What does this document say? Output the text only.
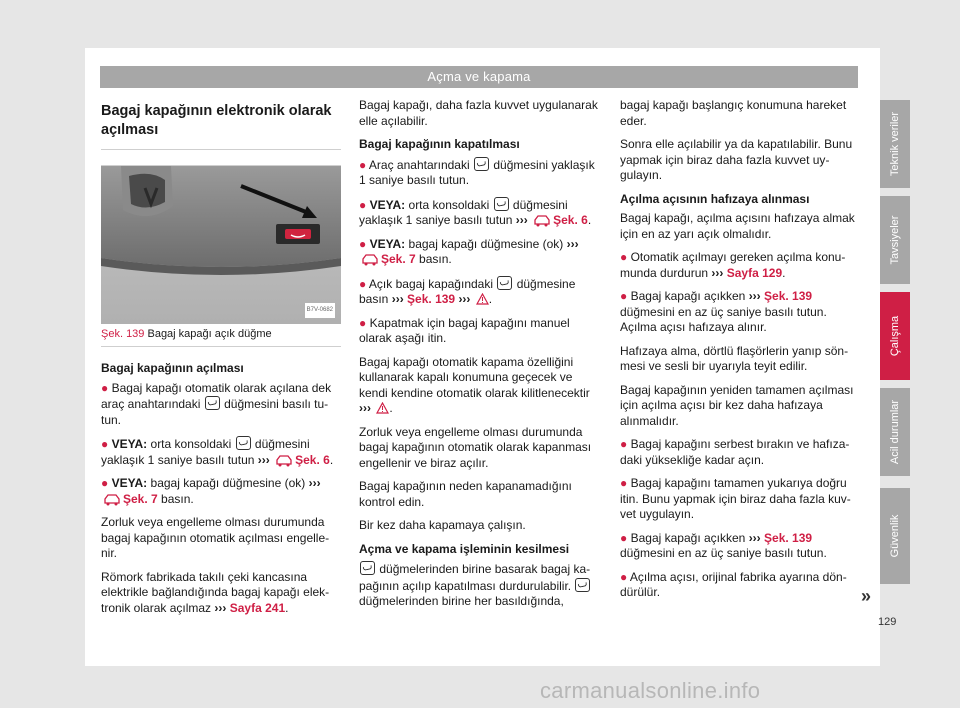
Açma ve kapama
Bagaj kapağının elektronik olarak açılması
B7V-0682
Şek. 139 Bagaj kapağı açık düğme

Bagaj kapağının açılması

● Bagaj kapağı otomatik olarak açılana dek araç anahtarındaki düğmesini basılı tutun.

● VEYA: orta konsoldaki düğmesini yaklaşık 1 saniye basılı tutun ››› Şek. 6.

● VEYA: bagaj kapağı düğmesine (ok) ››› Şek. 7 basın.

Zorluk veya engelleme olması durumunda bagaj kapağının otomatik açılması engellenir.

Römork fabrikada takılı çeki kancasına elektrikle bağlandığında bagaj kapağı elektronik olarak açılmaz ››› Sayfa 241.

Bagaj kapağı, daha fazla kuvvet uygulanarak elle açılabilir.

Bagaj kapağının kapatılması

● Araç anahtarındaki düğmesini yaklaşık 1 saniye basılı tutun.

● VEYA: orta konsoldaki düğmesini yaklaşık 1 saniye basılı tutun ››› Şek. 6.

● VEYA: bagaj kapağı düğmesine (ok) ››› Şek. 7 basın.

● Açık bagaj kapağındaki düğmesine basın ››› Şek. 139 ››› .

● Kapatmak için bagaj kapağını manuel olarak aşağı itin.

Bagaj kapağı otomatik kapama özelliğini kullanarak kapalı konumuna geçecek ve kendi kendine otomatik olarak kilitlenecektir ››› .

Zorluk veya engelleme olması durumunda bagaj kapağının otomatik olarak kapanması engellenir ve biraz açılır.

Bagaj kapağının neden kapanamadığını kontrol edin.

Bir kez daha kapamaya çalışın.

Açma ve kapama işleminin kesilmesi

düğmelerinden birine basarak bagaj kapağının açılıp kapatılması durdurulabilir.  düğmelerinden birine her basıldığında,

bagaj kapağı başlangıç konumuna hareket eder.

Sonra elle açılabilir ya da kapatılabilir. Bunu yapmak için biraz daha fazla kuvvet uygulayın.

Açılma açısının hafızaya alınması

Bagaj kapağı, açılma açısını hafızaya almak için en az yarı açık olmalıdır.

● Otomatik açılmayı gereken açılma konumunda durdurun ››› Sayfa 129.

● Bagaj kapağı açıkken ››› Şek. 139 düğmesini en az üç saniye basılı tutun. Açılma açısı hafızaya alınır.

Hafızaya alma, dörtlü flaşörlerin yanıp sönmesi ve sesli bir uyarıyla teyit edilir.

Bagaj kapağının yeniden tamamen açılması için açılma açısı bir kez daha hafızaya alınmalıdır.

● Bagaj kapağını serbest bırakın ve hafızadaki yüksekliğe kadar açın.

● Bagaj kapağını tamamen yukarıya doğru itin. Bunu yapmak için biraz daha fazla kuvvet uygulayın.

● Bagaj kapağı açıkken ››› Şek. 139 düğmesini en az üç saniye basılı tutun.

● Açılma açısı, orijinal fabrika ayarına döndürülür.	»
Teknik veriler
Tavsiyeler
Çalışma
Acil durumlar
Güvenlik
129
carmanualsonline.info
